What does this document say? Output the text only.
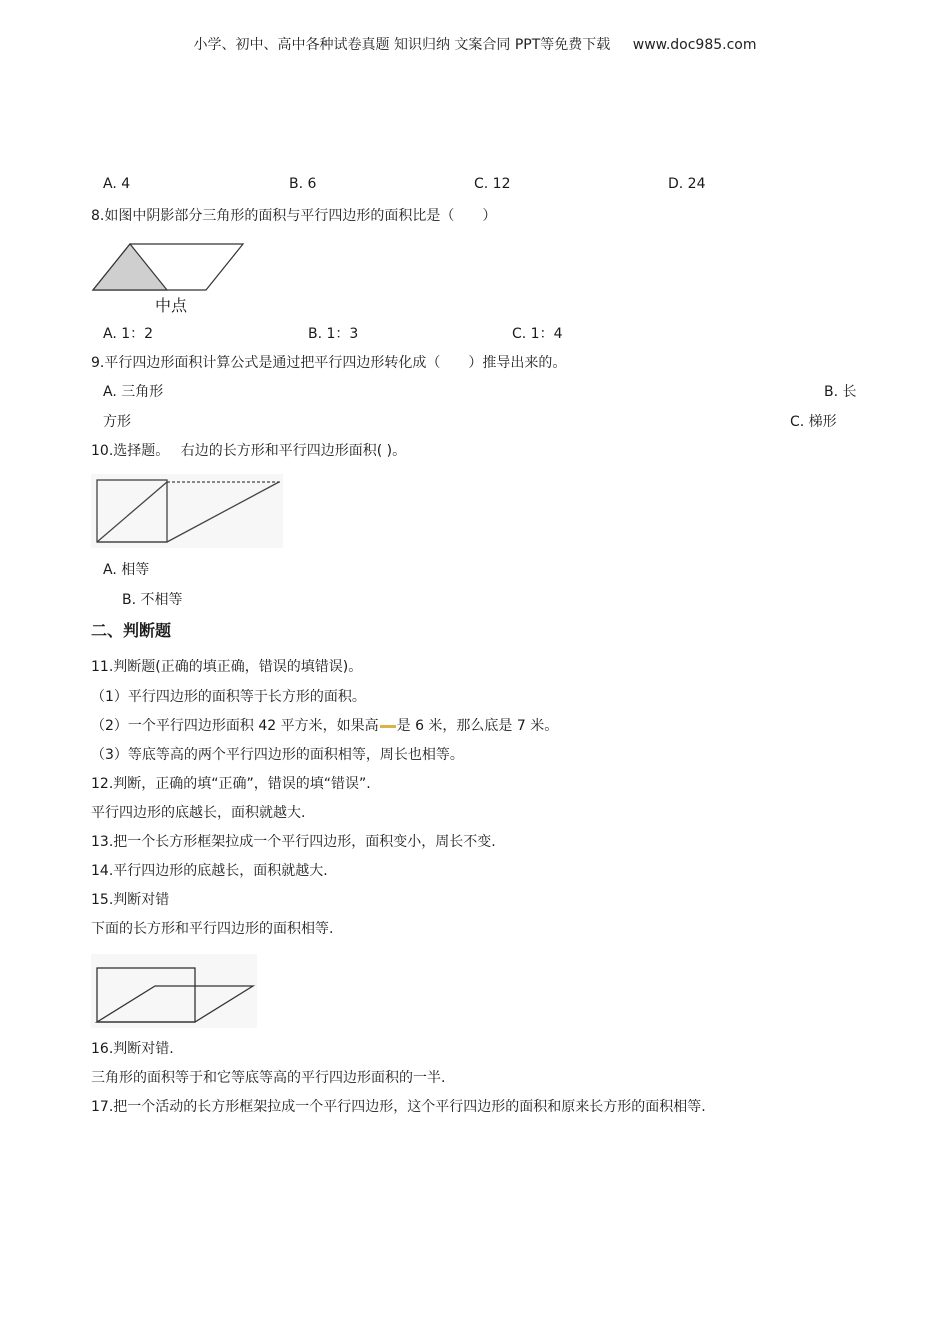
小学、初中、高中各种试卷真题 知识归纳 文案合同 PPT等免费下载 www.doc985.com
A. 4	B. 6	C. 12	D. 24
8.如图中阴影部分三角形的面积与平行四边形的面积比是（　　）
中点
A. 1：2	B. 1：3	C. 1：4
9.平行四边形面积计算公式是通过把平行四边形转化成（　　）推导出来的。
A. 三角形	B. 长
方形	C. 梯形
10.选择题。　 右边的长方形和平行四边形面积( )。
A. 相等
B. 不相等
二、判断题
11.判断题(正确的填正确，错误的填错误)。
（1）平行四边形的面积等于长方形的面积。
（2）一个平行四边形面积 42 平方米，如果高 是 6 米，那么底是 7 米。
（3）等底等高的两个平行四边形的面积相等，周长也相等。
12.判断，正确的填“正确”，错误的填“错误”.
平行四边形的底越长，面积就越大.
13.把一个长方形框架拉成一个平行四边形，面积变小，周长不变.
14.平行四边形的底越长，面积就越大.
15.判断对错
下面的长方形和平行四边形的面积相等.
16.判断对错.
三角形的面积等于和它等底等高的平行四边形面积的一半.
17.把一个活动的长方形框架拉成一个平行四边形，这个平行四边形的面积和原来长方形的面积相等.
